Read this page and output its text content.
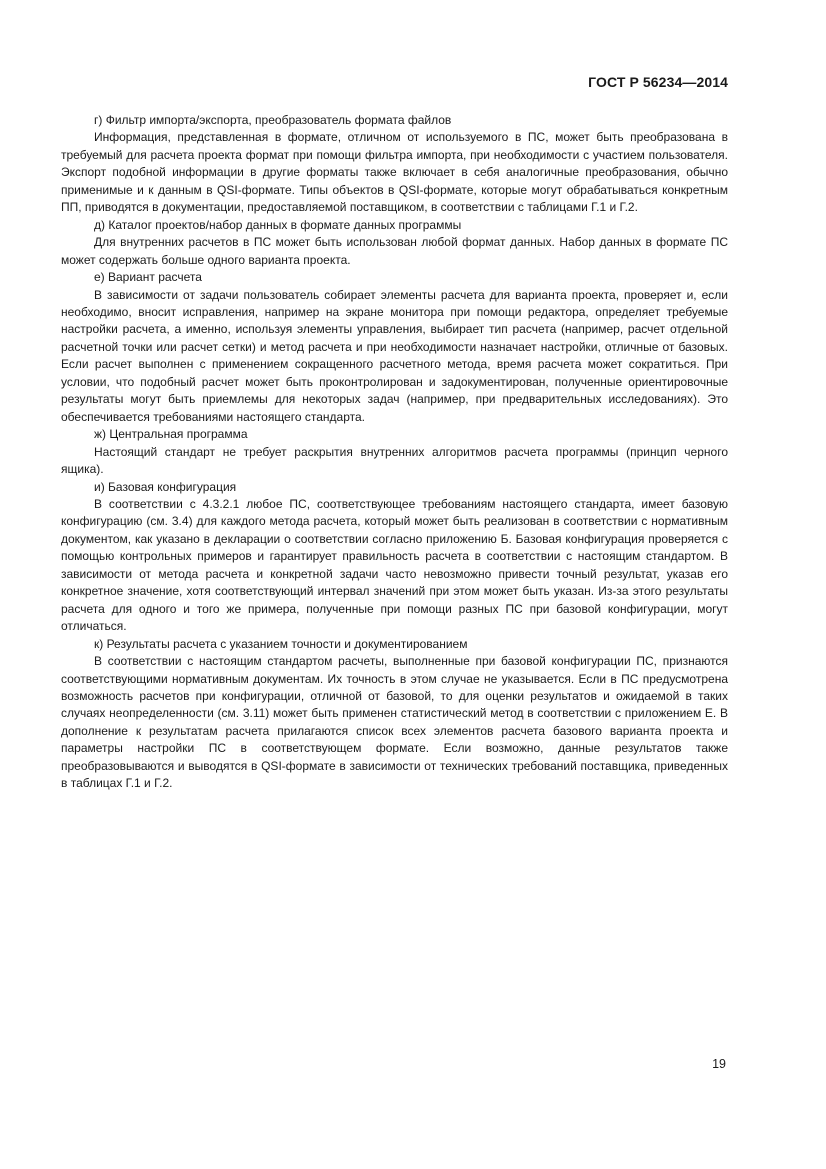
ГОСТ Р 56234—2014

г) Фильтр импорта/экспорта, преобразователь формата файлов

Информация, представленная в формате, отличном от используемого в ПС, может быть преобразована в требуемый для расчета проекта формат при помощи фильтра импорта, при необходимости с участием пользователя. Экспорт подобной информации в другие форматы также включает в себя аналогичные преобразования, обычно применимые и к данным в QSI-формате. Типы объектов в QSI-формате, которые могут обрабатываться конкретным ПП, приводятся в документации, предоставляемой поставщиком, в соответствии с таблицами Г.1 и Г.2.

д) Каталог проектов/набор данных в формате данных программы

Для внутренних расчетов в ПС может быть использован любой формат данных. Набор данных в формате ПС может содержать больше одного варианта проекта.

е) Вариант расчета

В зависимости от задачи пользователь собирает элементы расчета для варианта проекта, проверяет и, если необходимо, вносит исправления, например на экране монитора при помощи редактора, определяет требуемые настройки расчета, а именно, используя элементы управления, выбирает тип расчета (например, расчет отдельной расчетной точки или расчет сетки) и метод расчета и при необходимости назначает настройки, отличные от базовых. Если расчет выполнен с применением сокращенного расчетного метода, время расчета может сократиться. При условии, что подобный расчет может быть проконтролирован и задокументирован, полученные ориентировочные результаты могут быть приемлемы для некоторых задач (например, при предварительных исследованиях). Это обеспечивается требованиями настоящего стандарта.

ж) Центральная программа

Настоящий стандарт не требует раскрытия внутренних алгоритмов расчета программы (принцип черного ящика).

и) Базовая конфигурация

В соответствии с 4.3.2.1 любое ПС, соответствующее требованиям настоящего стандарта, имеет базовую конфигурацию (см. 3.4) для каждого метода расчета, который может быть реализован в соответствии с нормативным документом, как указано в декларации о соответствии согласно приложению Б. Базовая конфигурация проверяется с помощью контрольных примеров и гарантирует правильность расчета в соответствии с настоящим стандартом. В зависимости от метода расчета и конкретной задачи часто невозможно привести точный результат, указав его конкретное значение, хотя соответствующий интервал значений при этом может быть указан. Из-за этого результаты расчета для одного и того же примера, полученные при помощи разных ПС при базовой конфигурации, могут отличаться.

к) Результаты расчета с указанием точности и документированием

В соответствии с настоящим стандартом расчеты, выполненные при базовой конфигурации ПС, признаются соответствующими нормативным документам. Их точность в этом случае не указывается. Если в ПС предусмотрена возможность расчетов при конфигурации, отличной от базовой, то для оценки результатов и ожидаемой в таких случаях неопределенности (см. 3.11) может быть применен статистический метод в соответствии с приложением Е. В дополнение к результатам расчета прилагаются список всех элементов расчета базового варианта проекта и параметры настройки ПС в соответствующем формате. Если возможно, данные результатов также преобразовываются и выводятся в QSI-формате в зависимости от технических требований поставщика, приведенных в таблицах Г.1 и Г.2.

19
